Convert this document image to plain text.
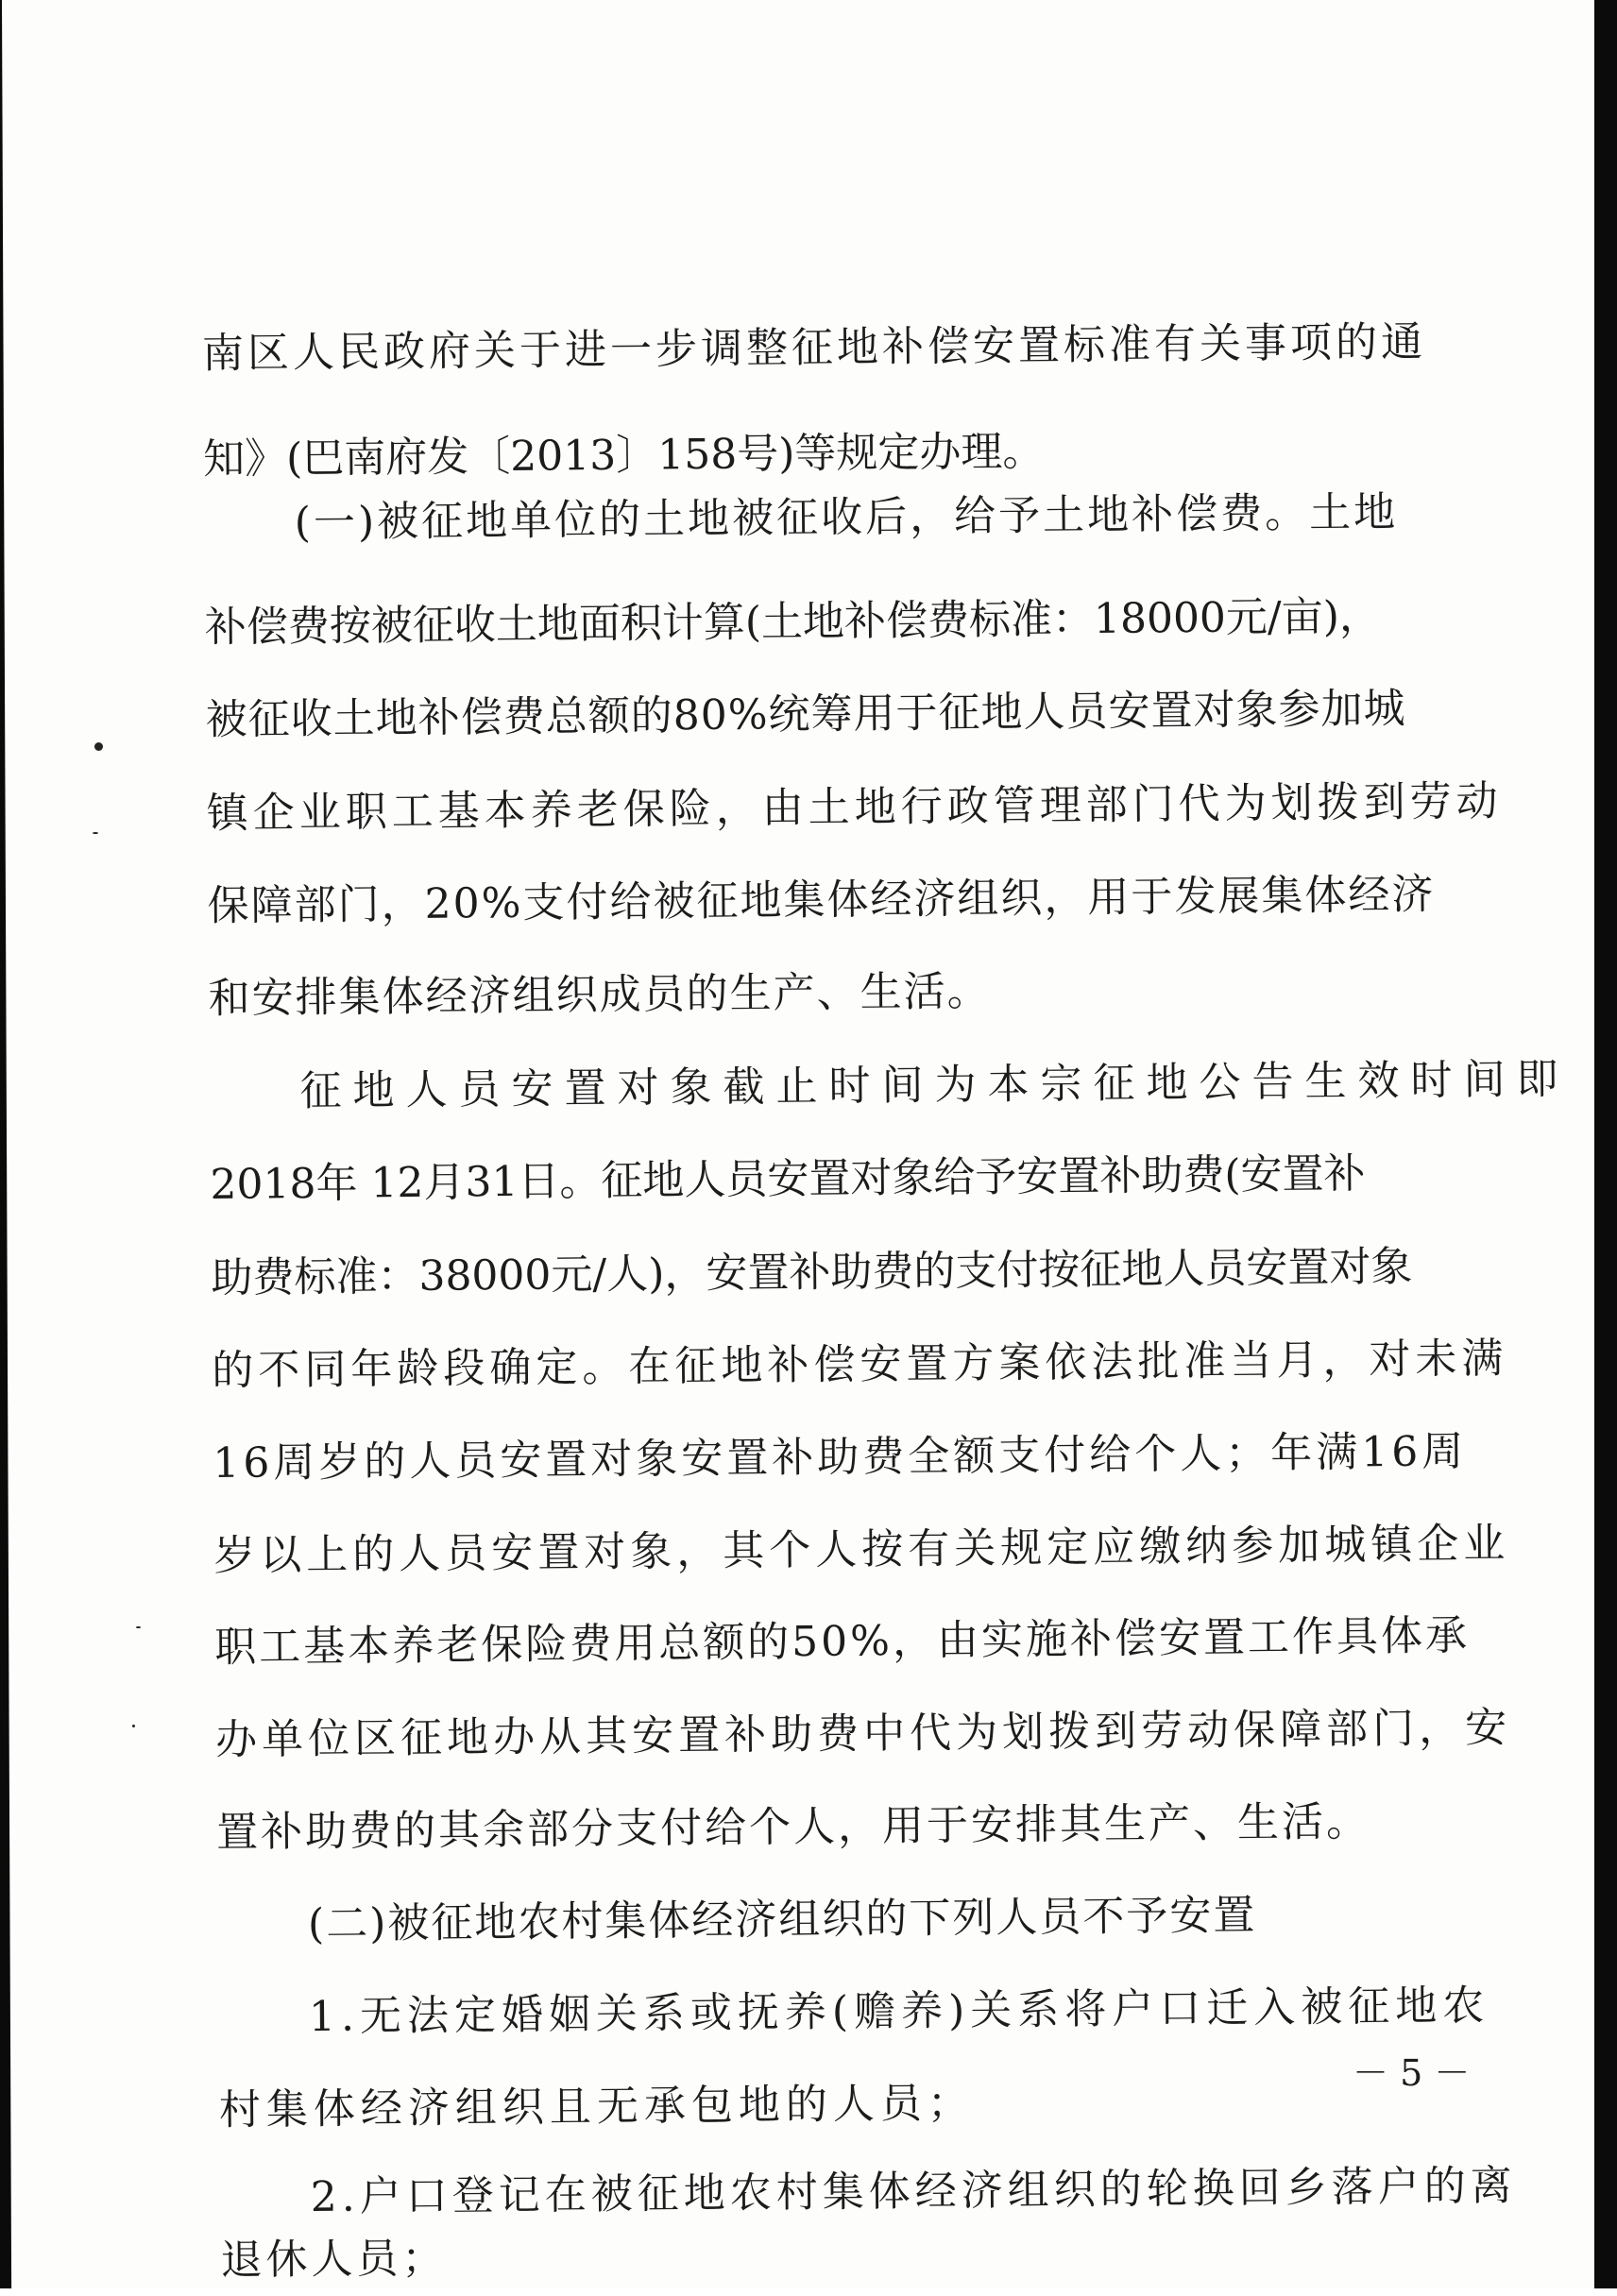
南区人民政府关于进一步调整征地补偿安置标准有关事项的通
知》(巴南府发〔2013〕158号)等规定办理。
(一)被征地单位的土地被征收后，给予土地补偿费。土地
补偿费按被征收土地面积计算(土地补偿费标准：18000元/亩)，
被征收土地补偿费总额的80%统筹用于征地人员安置对象参加城
镇企业职工基本养老保险，由土地行政管理部门代为划拨到劳动
保障部门，20%支付给被征地集体经济组织，用于发展集体经济
和安排集体经济组织成员的生产、生活。
征地人员安置对象截止时间为本宗征地公告生效时间即
2018年 12月31日。征地人员安置对象给予安置补助费(安置补
助费标准：38000元/人)，安置补助费的支付按征地人员安置对象
的不同年龄段确定。在征地补偿安置方案依法批准当月，对未满
16周岁的人员安置对象安置补助费全额支付给个人；年满16周
岁以上的人员安置对象，其个人按有关规定应缴纳参加城镇企业
职工基本养老保险费用总额的50%，由实施补偿安置工作具体承
办单位区征地办从其安置补助费中代为划拨到劳动保障部门，安
置补助费的其余部分支付给个人，用于安排其生产、生活。
(二)被征地农村集体经济组织的下列人员不予安置
1.无法定婚姻关系或抚养(赡养)关系将户口迁入被征地农
村集体经济组织且无承包地的人员；
2.户口登记在被征地农村集体经济组织的轮换回乡落户的离
退休人员；
－ 5 －
